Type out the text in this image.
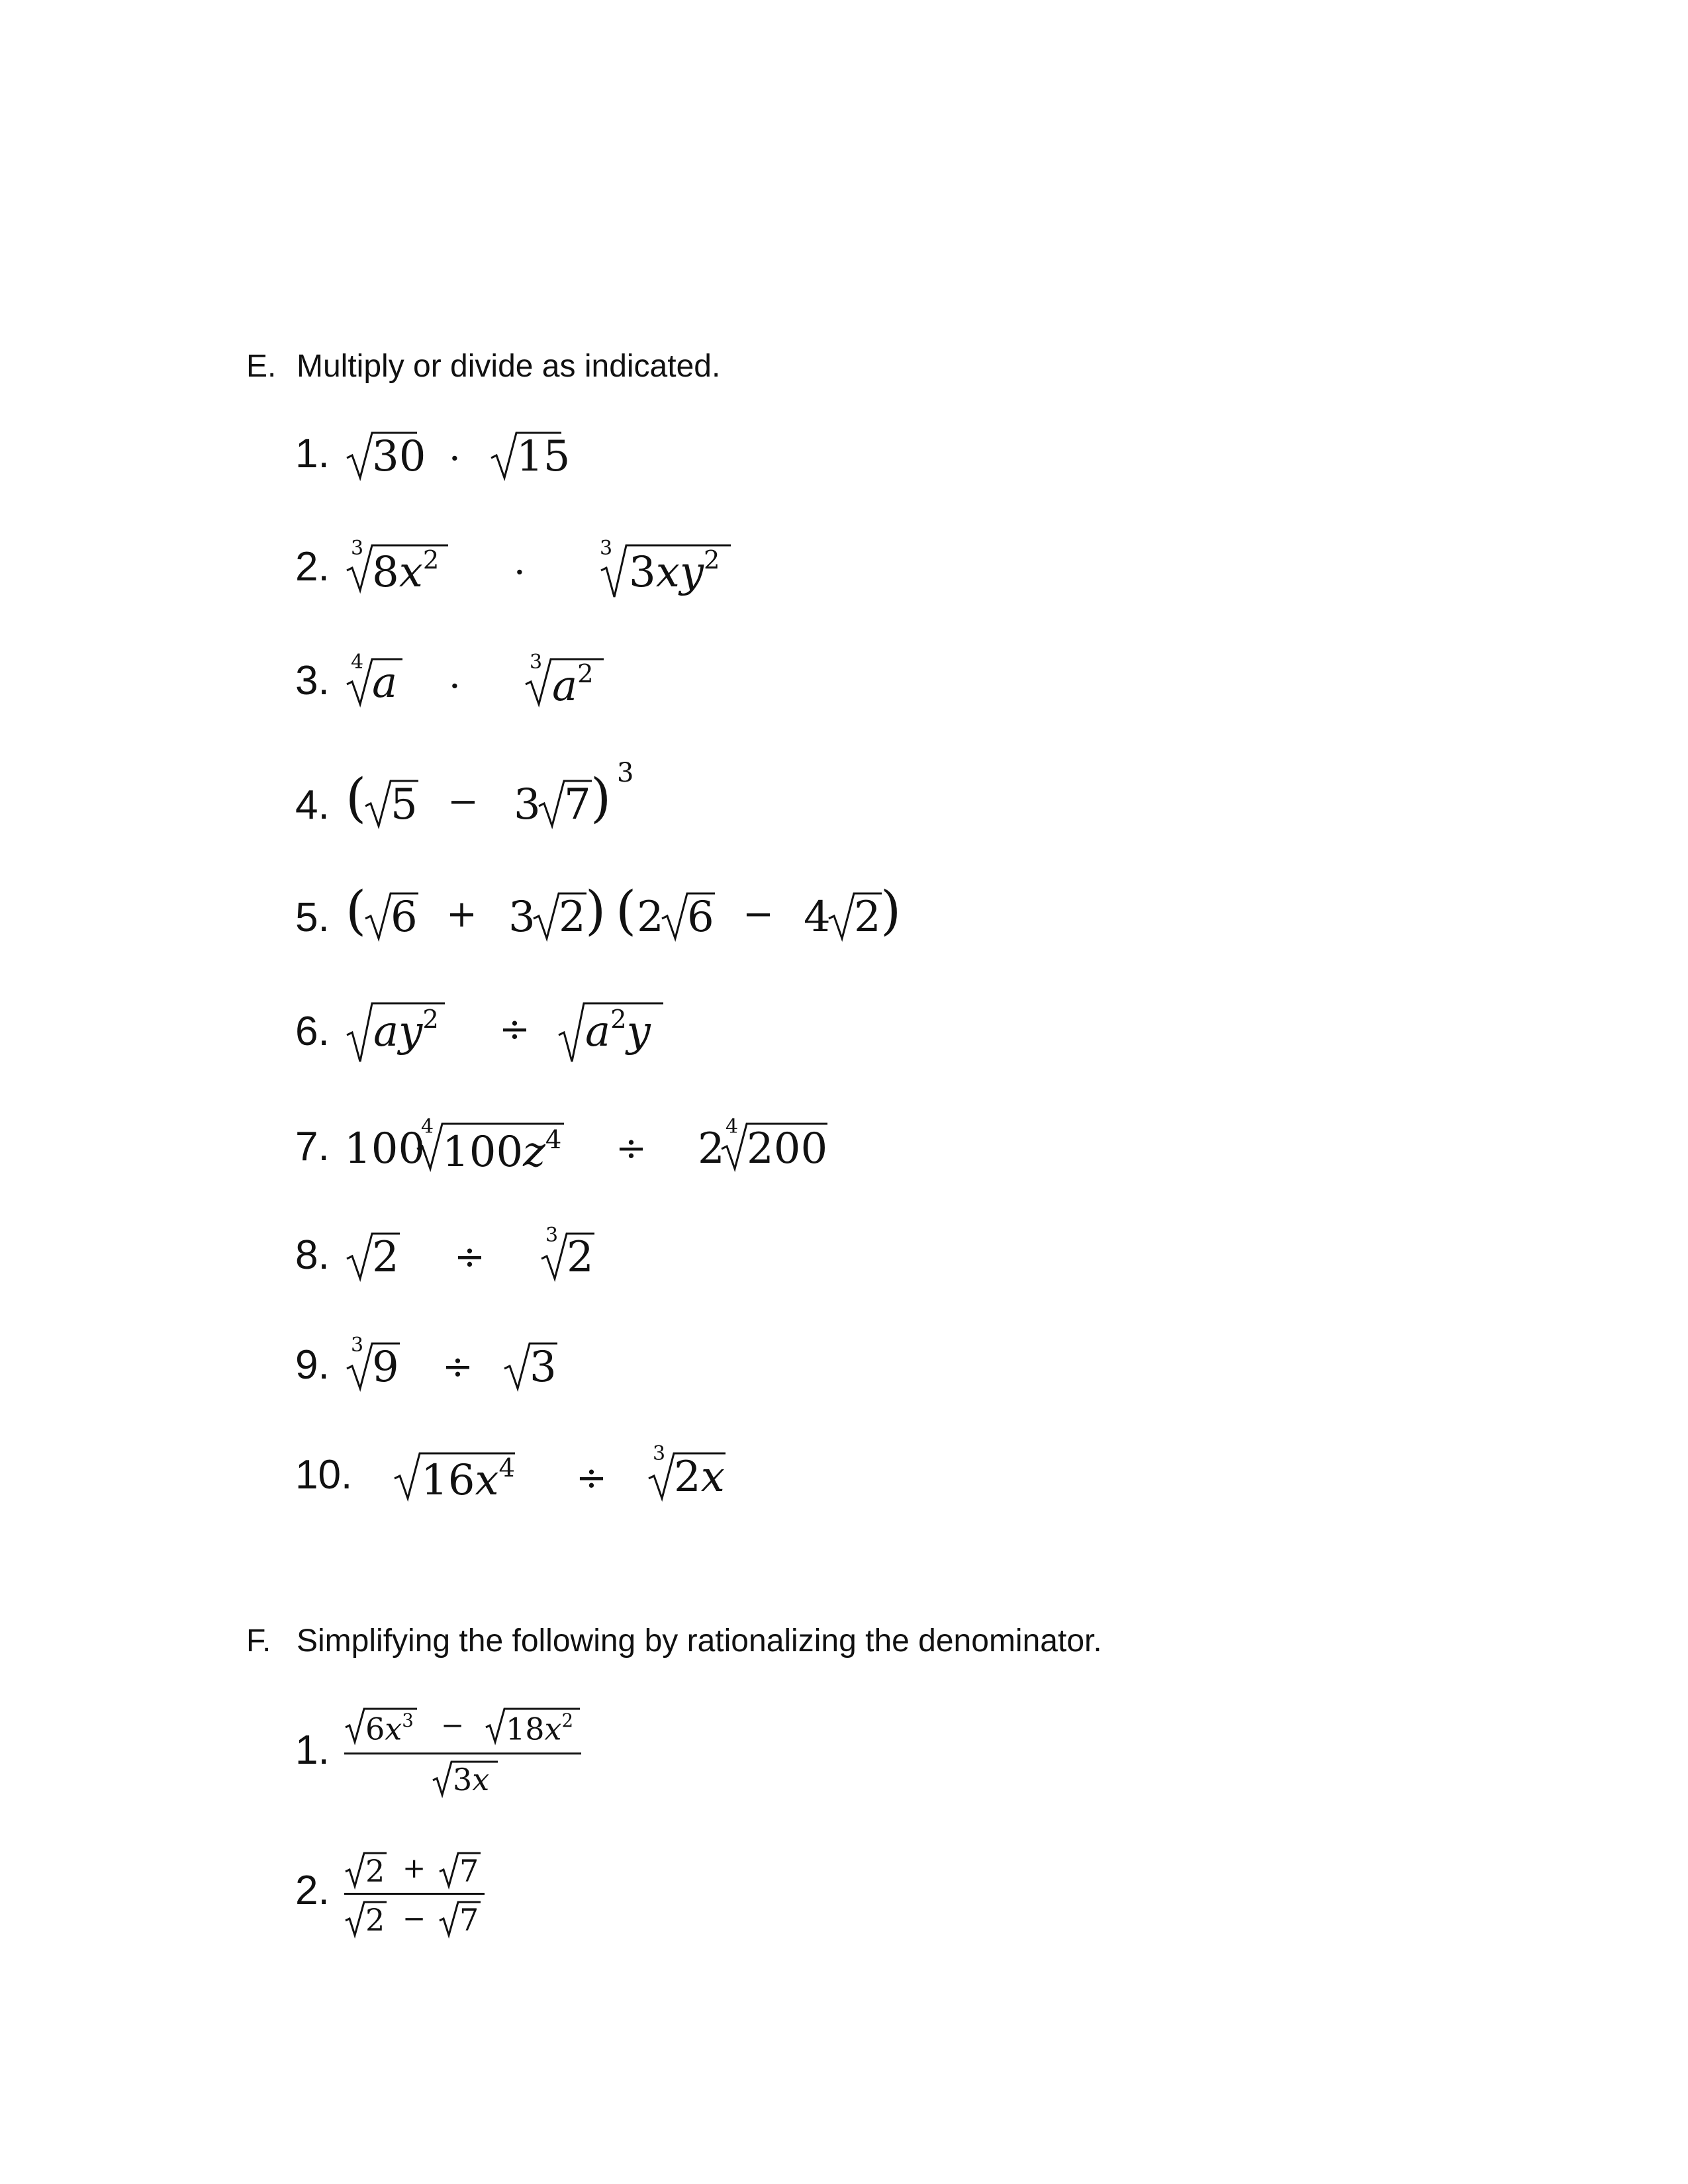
E. Multiply or divide as indicated.
1. 30 · 15
2. 3 $8x^2$ ·
3 $3xy^2$
3. 4 a ·
3 $a^2$
4. ( 5 − 3 7 ) 3
5. ( 6 + 3 2 ) ( 2 6 − 4 2 )
6. $ay^2 \div a^2y$
7. 100
4
$100z^4 \div 2$ 4 200
8. 2 ÷
3 2
9. 3 9 ÷ 3
10. $16x^4$ ÷
3 2x
F. Simplifying the following by rationalizing the denominator.
1. $6x^3 - 18x^2$
3x
2. 2 + 7
2 − 7
